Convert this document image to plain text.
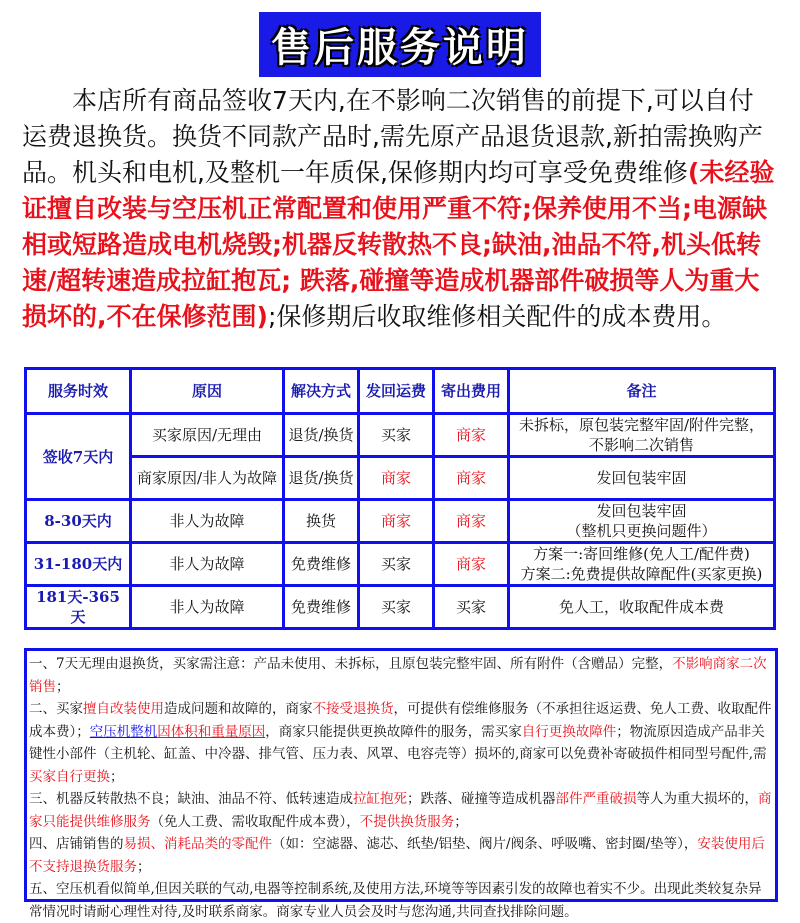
售后服务说明
本店所有商品签收7天内,在不影响二次销售的前提下,可以自付运费退换货。换货不同款产品时,需先原产品退货退款,新拍需换购产品。机头和电机,及整机一年质保,保修期内均可享受免费维修(未经验证擅自改装与空压机正常配置和使用严重不符;保养使用不当;电源缺相或短路造成电机烧毁;机器反转散热不良;缺油,油品不符,机头低转速/超转速造成拉缸抱瓦; 跌落,碰撞等造成机器部件破损等人为重大损坏的,不在保修范围);保修期后收取维修相关配件的成本费用。
服务时效	原因	解决方式	发回运费	寄出费用	备注
签收7天内	买家原因/无理由	退货/换货	买家	商家	未拆标，原包装完整牢固/附件完整，不影响二次销售
	商家原因/非人为故障	退货/换货	商家	商家	发回包装牢固
8-30天内	非人为故障	换货	商家	商家	发回包装牢固
（整机只更换问题件）

31-180天内	非人为故障	免费维修	买家	商家	方案一:寄回维修(免人工/配件费)
方案二:免费提供故障配件(买家更换)

181天-365天	非人为故障	免费维修	买家	买家	免人工，收取配件成本费
一、7天无理由退换货，买家需注意：产品未使用、未拆标，且原包装完整牢固、所有附件（含赠品）完整，不影响商家二次销售；
二、买家擅自改装使用造成问题和故障的，商家不接受退换货，可提供有偿维修服务（不承担往返运费、免人工费、收取配件成本费）；空压机整机因体积和重量原因，商家只能提供更换故障件的服务，需买家自行更换故障件；物流原因造成产品非关键性小部件（主机轮、缸盖、中冷器、排气管、压力表、风罩、电容壳等）损坏的,商家可以免费补寄破损件相同型号配件,需买家自行更换；
三、机器反转散热不良；缺油、油品不符、低转速造成拉缸抱死；跌落、碰撞等造成机器部件严重破损等人为重大损坏的，商家只能提供维修服务（免人工费、需收取配件成本费），不提供换货服务；
四、店铺销售的易损、消耗品类的零配件（如：空滤器、滤芯、纸垫/铝垫、阀片/阀条、呼吸嘴、密封圈/垫等），安装使用后不支持退换货服务；
五、空压机看似简单,但因关联的气动,电器等控制系统,及使用方法,环境等等因素引发的故障也着实不少。出现此类较复杂异常情况时请耐心理性对待,及时联系商家。商家专业人员会及时与您沟通,共同查找排除问题。
